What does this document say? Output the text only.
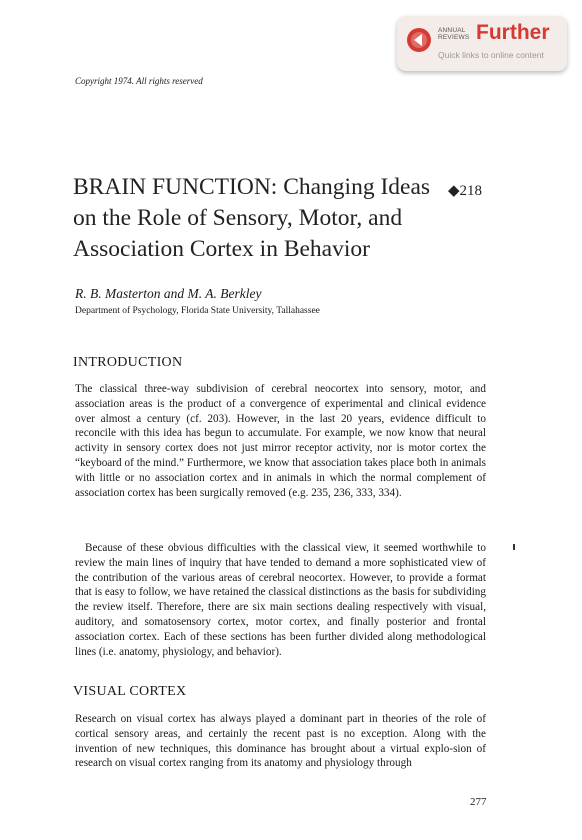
ANNUAL
REVIEWS Further
Quick links to online content
Copyright 1974. All rights reserved
BRAIN FUNCTION: Changing Ideas on the Role of Sensory, Motor, and Association Cortex in Behavior
◆218
R. B. Masterton and M. A. Berkley
Department of Psychology, Florida State University, Tallahassee
INTRODUCTION

The classical three-way subdivision of cerebral neocortex into sensory, motor, and association areas is the product of a convergence of experimental and clinical evidence over almost a century (cf. 203). However, in the last 20 years, evidence difficult to reconcile with this idea has begun to accumulate. For example, we now know that neural activity in sensory cortex does not just mirror receptor activity, nor is motor cortex the “keyboard of the mind.” Furthermore, we know that association takes place both in animals with little or no association cortex and in animals in which the normal complement of association cortex has been surgically removed (e.g. 235, 236, 333, 334).

Because of these obvious difficulties with the classical view, it seemed worthwhile to review the main lines of inquiry that have tended to demand a more sophisticated view of the contribution of the various areas of cerebral neocortex. However, to provide a format that is easy to follow, we have retained the classical distinctions as the basis for subdividing the review itself. Therefore, there are six main sections dealing respectively with visual, auditory, and somatosensory cortex, motor cortex, and finally posterior and frontal association cortex. Each of these sections has been further divided along methodological lines (i.e. anatomy, physiology, and behavior).

VISUAL CORTEX

Research on visual cortex has always played a dominant part in theories of the role of cortical sensory areas, and certainly the recent past is no exception. Along with the invention of new techniques, this dominance has brought about a virtual explo-sion of research on visual cortex ranging from its anatomy and physiology through

277
